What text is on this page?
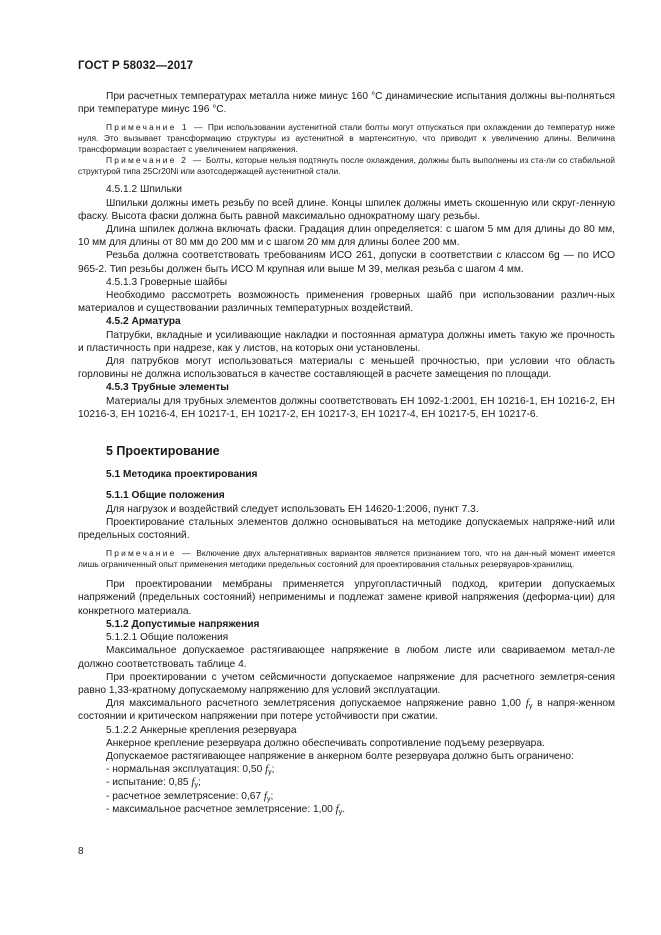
ГОСТ Р 58032—2017

При расчетных температурах металла ниже минус 160 °С динамические испытания должны вы-полняться при температуре минус 196 °С.

Примечание 1 — При использовании аустенитной стали болты могут отпускаться при охлаждении до температур ниже нуля. Это вызывает трансформацию структуры из аустенитной в мартенситную, что приводит к увеличению длины. Величина трансформации возрастает с увеличением напряжения.

Примечание 2 — Болты, которые нельзя подтянуть после охлаждения, должны быть выполнены из ста-ли со стабильной структурой типа 25Cr20Ni или азотсодержащей аустенитной стали.

4.5.1.2 Шпильки

Шпильки должны иметь резьбу по всей длине. Концы шпилек должны иметь скошенную или скруг-ленную фаску. Высота фаски должна быть равной максимально однократному шагу резьбы.

Длина шпилек должна включать фаски. Градация длин определяется: с шагом 5 мм для длины до 80 мм, 10 мм для длины от 80 мм до 200 мм и с шагом 20 мм для длины более 200 мм.

Резьба должна соответствовать требованиям ИСО 261, допуски в соответствии с классом 6g — по ИСО 965-2. Тип резьбы должен быть ИСО М крупная или выше М 39, мелкая резьба с шагом 4 мм.

4.5.1.3 Гроверные шайбы

Необходимо рассмотреть возможность применения гроверных шайб при использовании различ-ных материалов и существовании различных температурных воздействий.

4.5.2 Арматура

Патрубки, вкладные и усиливающие накладки и постоянная арматура должны иметь такую же прочность и пластичность при надрезе, как у листов, на которых они установлены.

Для патрубков могут использоваться материалы с меньшей прочностью, при условии что область горловины не должна использоваться в качестве составляющей в расчете замещения по площади.

4.5.3 Трубные элементы

Материалы для трубных элементов должны соответствовать ЕН 1092-1:2001, ЕН 10216-1, ЕН 10216-2, ЕН 10216-3, ЕН 10216-4, ЕН 10217-1, ЕН 10217-2, ЕН 10217-3, ЕН 10217-4, ЕН 10217-5, ЕН 10217-6.

5 Проектирование

5.1 Методика проектирования

5.1.1 Общие положения

Для нагрузок и воздействий следует использовать ЕН 14620-1:2006, пункт 7.3.

Проектирование стальных элементов должно основываться на методике допускаемых напряже-ний или предельных состояний.

Примечание — Включение двух альтернативных вариантов является признанием того, что на дан-ный момент имеется лишь ограниченный опыт применения методики предельных состояний для проектирования стальных резервуаров-хранилищ.

При проектировании мембраны применяется упругопластичный подход, критерии допускаемых напряжений (предельных состояний) неприменимы и подлежат замене кривой напряжения (деформа-ции) для конкретного материала.

5.1.2 Допустимые напряжения

5.1.2.1 Общие положения

Максимальное допускаемое растягивающее напряжение в любом листе или свариваемом метал-ле должно соответствовать таблице 4.

При проектировании с учетом сейсмичности допускаемое напряжение для расчетного землетря-сения равно 1,33-кратному допускаемому напряжению для условий эксплуатации.

Для максимального расчетного землетрясения допускаемое напряжение равно 1,00 $f_y$ в напря-женном состоянии и критическом напряжении при потере устойчивости при сжатии.

5.1.2.2 Анкерные крепления резервуара

Анкерное крепление резервуара должно обеспечивать сопротивление подъему резервуара.

Допускаемое растягивающее напряжение в анкерном болте резервуара должно быть ограничено:

- нормальная эксплуатация: 0,50 $f_y$;

- испытание: 0,85 $f_y$;

- расчетное землетрясение: 0,67 $f_y$;

- максимальное расчетное землетрясение: 1,00 $f_y$.

8
